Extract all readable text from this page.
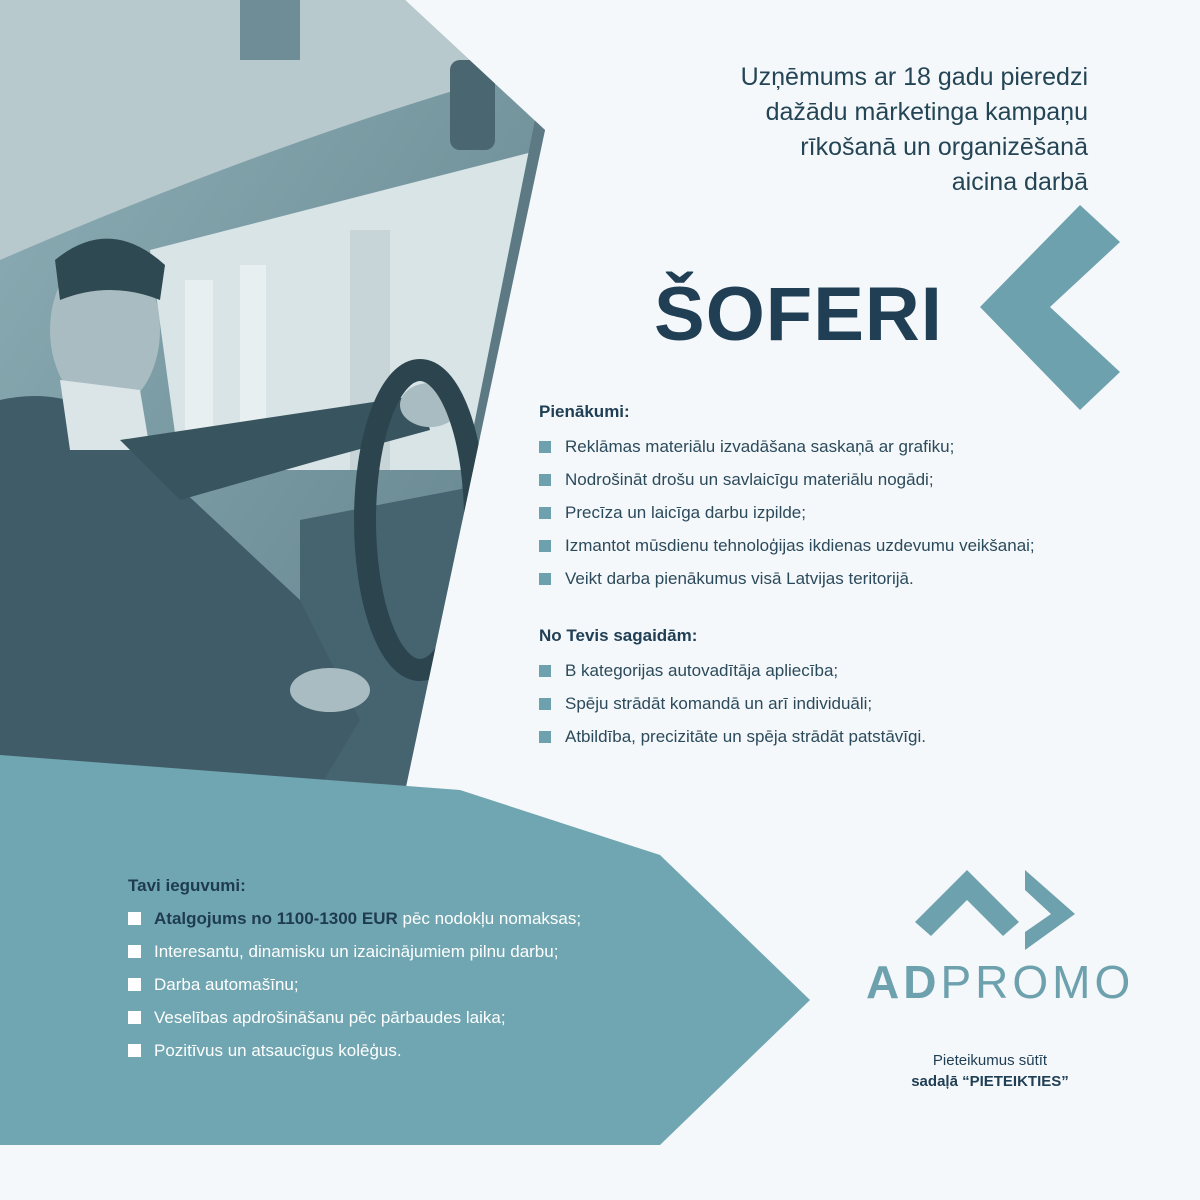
Uzņēmums ar 18 gadu pieredzi
dažādu mārketinga kampaņu
rīkošanā un organizēšanā
aicina darbā
ŠOFERI
Pienākumi:
Reklāmas materiālu izvadāšana saskaņā ar grafiku;
Nodrošināt drošu un savlaicīgu materiālu nogādi;
Precīza un laicīga darbu izpilde;
Izmantot mūsdienu tehnoloģijas ikdienas uzdevumu veikšanai;
Veikt darba pienākumus visā Latvijas teritorijā.
No Tevis sagaidām:
B kategorijas autovadītāja apliecība;
Spēju strādāt komandā un arī individuāli;
Atbildība, precizitāte un spēja strādāt patstāvīgi.
Tavi ieguvumi:
Atalgojums no 1100-1300 EUR pēc nodokļu nomaksas;
Interesantu, dinamisku un izaicinājumiem pilnu darbu;
Darba automašīnu;
Veselības apdrošināšanu pēc pārbaudes laika;
Pozitīvus un atsaucīgus kolēģus.
ADPROMO
Pieteikumus sūtīt
sadaļā “PIETEIKTIES”
